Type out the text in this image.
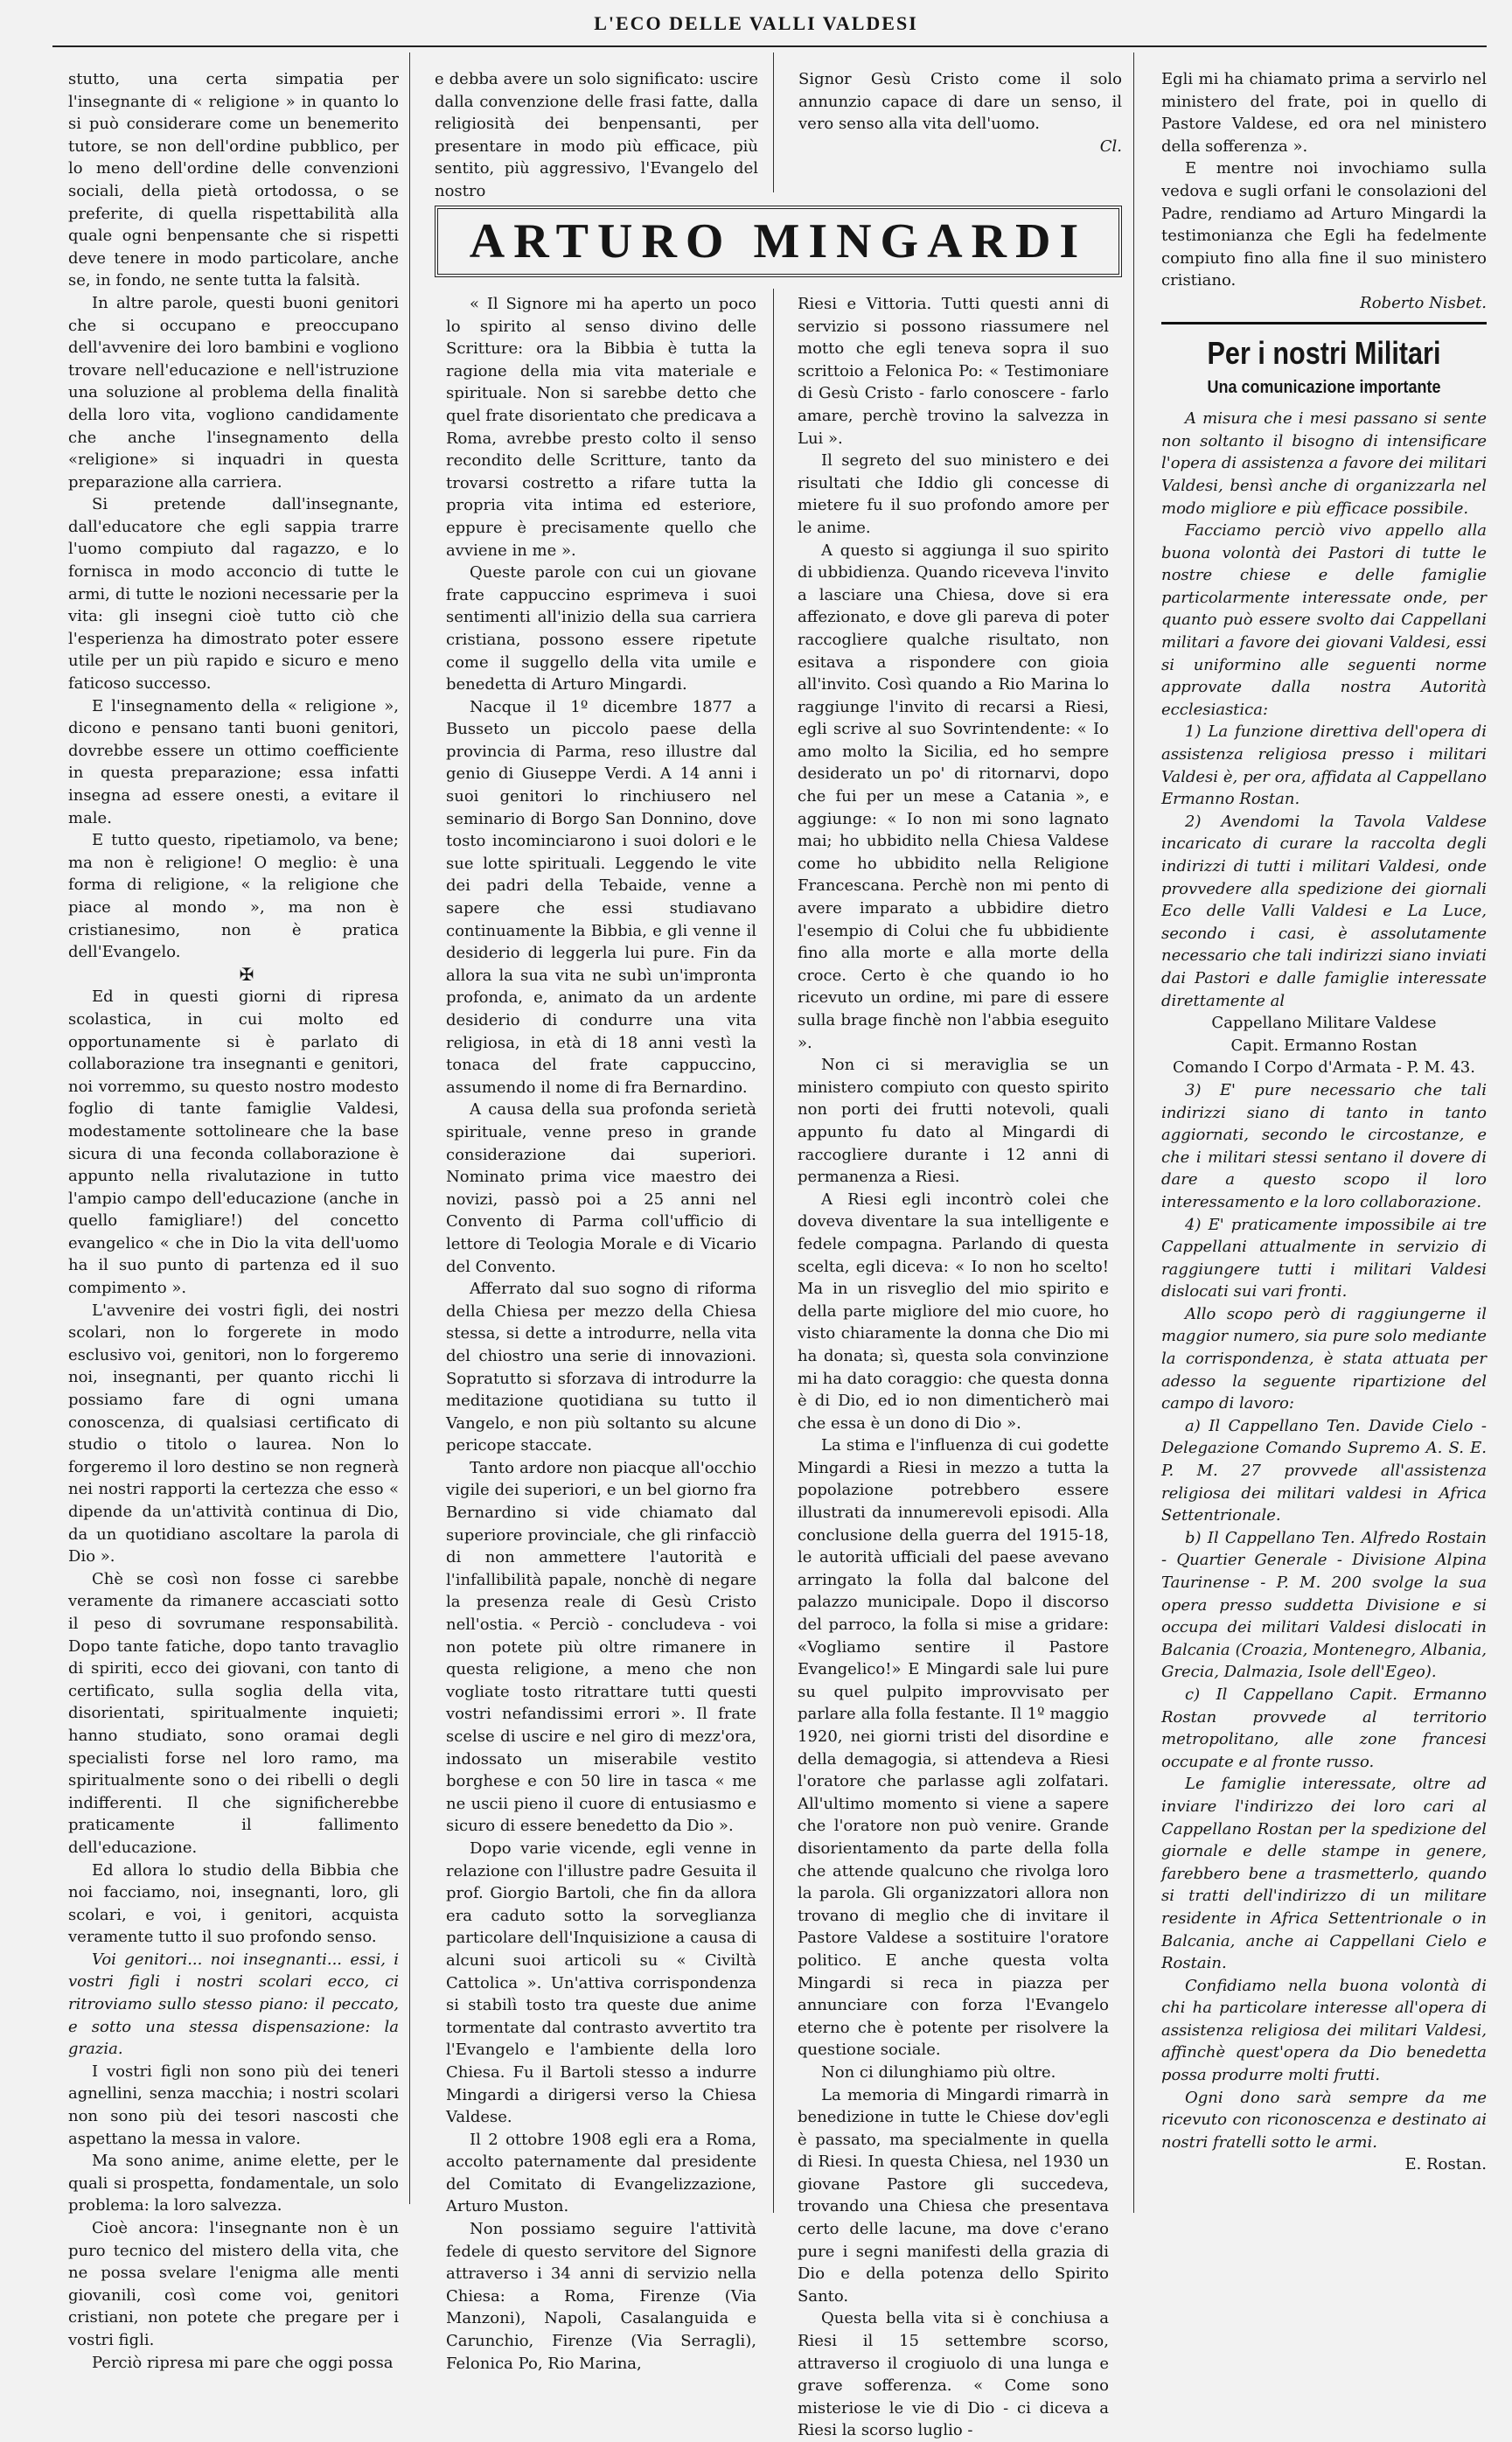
L'ECO DELLE VALLI VALDESI

stutto, una certa simpatia per l'insegnante di « religione » in quanto lo si può considerare come un benemerito tutore, se non dell'ordine pubblico, per lo meno dell'ordine delle convenzioni sociali, della pietà ortodossa, o se preferite, di quella rispettabilità alla quale ogni benpensante che si rispetti deve tenere in modo particolare, anche se, in fondo, ne sente tutta la falsità.

In altre parole, questi buoni genitori che si occupano e preoccupano dell'avvenire dei loro bambini e vogliono trovare nell'educazione e nell'istruzione una soluzione al problema della finalità della loro vita, vogliono candidamente che anche l'insegnamento della «religione» si inquadri in questa preparazione alla carriera.

Si pretende dall'insegnante, dall'educatore che egli sappia trarre l'uomo compiuto dal ragazzo, e lo fornisca in modo acconcio di tutte le armi, di tutte le nozioni necessarie per la vita: gli insegni cioè tutto ciò che l'esperienza ha dimostrato poter essere utile per un più rapido e sicuro e meno faticoso successo.

E l'insegnamento della « religione », dicono e pensano tanti buoni genitori, dovrebbe essere un ottimo coefficiente in questa preparazione; essa infatti insegna ad essere onesti, a evitare il male.

E tutto questo, ripetiamolo, va bene; ma non è religione! O meglio: è una forma di religione, « la religione che piace al mondo », ma non è cristianesimo, non è pratica dell'Evangelo.

✠

Ed in questi giorni di ripresa scolastica, in cui molto ed opportunamente si è parlato di collaborazione tra insegnanti e genitori, noi vorremmo, su questo nostro modesto foglio di tante famiglie Valdesi, modestamente sottolineare che la base sicura di una feconda collaborazione è appunto nella rivalutazione in tutto l'ampio campo dell'educazione (anche in quello famigliare!) del concetto evangelico « che in Dio la vita dell'uomo ha il suo punto di partenza ed il suo compimento ».

L'avvenire dei vostri figli, dei nostri scolari, non lo forgerete in modo esclusivo voi, genitori, non lo forgeremo noi, insegnanti, per quanto ricchi li possiamo fare di ogni umana conoscenza, di qualsiasi certificato di studio o titolo o laurea. Non lo forgeremo il loro destino se non regnerà nei nostri rapporti la certezza che esso « dipende da un'attività continua di Dio, da un quotidiano ascoltare la parola di Dio ».

Chè se così non fosse ci sarebbe veramente da rimanere accasciati sotto il peso di sovrumane responsabilità. Dopo tante fatiche, dopo tanto travaglio di spiriti, ecco dei giovani, con tanto di certificato, sulla soglia della vita, disorientati, spiritualmente inquieti; hanno studiato, sono oramai degli specialisti forse nel loro ramo, ma spiritualmente sono o dei ribelli o degli indifferenti. Il che significherebbe praticamente il fallimento dell'educazione.

Ed allora lo studio della Bibbia che noi facciamo, noi, insegnanti, loro, gli scolari, e voi, i genitori, acquista veramente tutto il suo profondo senso.

Voi genitori... noi insegnanti... essi, i vostri figli i nostri scolari ecco, ci ritroviamo sullo stesso piano: il peccato, e sotto una stessa dispensazione: la grazia.

I vostri figli non sono più dei teneri agnellini, senza macchia; i nostri scolari non sono più dei tesori nascosti che aspettano la messa in valore.

Ma sono anime, anime elette, per le quali si prospetta, fondamentale, un solo problema: la loro salvezza.

Cioè ancora: l'insegnante non è un puro tecnico del mistero della vita, che ne possa svelare l'enigma alle menti giovanili, così come voi, genitori cristiani, non potete che pregare per i vostri figli.

Perciò ripresa mi pare che oggi possa

e debba avere un solo significato: uscire dalla convenzione delle frasi fatte, dalla religiosità dei benpensanti, per presentare in modo più efficace, più sentito, più aggressivo, l'Evangelo del nostro

Signor Gesù Cristo come il solo annunzio capace di dare un senso, il vero senso alla vita dell'uomo.

Cl.

ARTURO MINGARDI

« Il Signore mi ha aperto un poco lo spirito al senso divino delle Scritture: ora la Bibbia è tutta la ragione della mia vita materiale e spirituale. Non si sarebbe detto che quel frate disorientato che predicava a Roma, avrebbe presto colto il senso recondito delle Scritture, tanto da trovarsi costretto a rifare tutta la propria vita intima ed esteriore, eppure è precisamente quello che avviene in me ».

Queste parole con cui un giovane frate cappuccino esprimeva i suoi sentimenti all'inizio della sua carriera cristiana, possono essere ripetute come il suggello della vita umile e benedetta di Arturo Mingardi.

Nacque il 1º dicembre 1877 a Busseto un piccolo paese della provincia di Parma, reso illustre dal genio di Giuseppe Verdi. A 14 anni i suoi genitori lo rinchiusero nel seminario di Borgo San Donnino, dove tosto incominciarono i suoi dolori e le sue lotte spirituali. Leggendo le vite dei padri della Tebaide, venne a sapere che essi studiavano continuamente la Bibbia, e gli venne il desiderio di leggerla lui pure. Fin da allora la sua vita ne subì un'impronta profonda, e, animato da un ardente desiderio di condurre una vita religiosa, in età di 18 anni vestì la tonaca del frate cappuccino, assumendo il nome di fra Bernardino.

A causa della sua profonda serietà spirituale, venne preso in grande considerazione dai superiori. Nominato prima vice maestro dei novizi, passò poi a 25 anni nel Convento di Parma coll'ufficio di lettore di Teologia Morale e di Vicario del Convento.

Afferrato dal suo sogno di riforma della Chiesa per mezzo della Chiesa stessa, si dette a introdurre, nella vita del chiostro una serie di innovazioni. Sopratutto si sforzava di introdurre la meditazione quotidiana su tutto il Vangelo, e non più soltanto su alcune pericope staccate.

Tanto ardore non piacque all'occhio vigile dei superiori, e un bel giorno fra Bernardino si vide chiamato dal superiore provinciale, che gli rinfacciò di non ammettere l'autorità e l'infallibilità papale, nonchè di negare la presenza reale di Gesù Cristo nell'ostia. « Perciò - concludeva - voi non potete più oltre rimanere in questa religione, a meno che non vogliate tosto ritrattare tutti questi vostri nefandissimi errori ». Il frate scelse di uscire e nel giro di mezz'ora, indossato un miserabile vestito borghese e con 50 lire in tasca « me ne uscii pieno il cuore di entusiasmo e sicuro di essere benedetto da Dio ».

Dopo varie vicende, egli venne in relazione con l'illustre padre Gesuita il prof. Giorgio Bartoli, che fin da allora era caduto sotto la sorveglianza particolare dell'Inquisizione a causa di alcuni suoi articoli su « Civiltà Cattolica ». Un'attiva corrispondenza si stabilì tosto tra queste due anime tormentate dal contrasto avvertito tra l'Evangelo e l'ambiente della loro Chiesa. Fu il Bartoli stesso a indurre Mingardi a dirigersi verso la Chiesa Valdese.

Il 2 ottobre 1908 egli era a Roma, accolto paternamente dal presidente del Comitato di Evangelizzazione, Arturo Muston.

Non possiamo seguire l'attività fedele di questo servitore del Signore attraverso i 34 anni di servizio nella Chiesa: a Roma, Firenze (Via Manzoni), Napoli, Casalanguida e Carunchio, Firenze (Via Serragli), Felonica Po, Rio Marina,

Riesi e Vittoria. Tutti questi anni di servizio si possono riassumere nel motto che egli teneva sopra il suo scrittoio a Felonica Po: « Testimoniare di Gesù Cristo - farlo conoscere - farlo amare, perchè trovino la salvezza in Lui ».

Il segreto del suo ministero e dei risultati che Iddio gli concesse di mietere fu il suo profondo amore per le anime.

A questo si aggiunga il suo spirito di ubbidienza. Quando riceveva l'invito a lasciare una Chiesa, dove si era affezionato, e dove gli pareva di poter raccogliere qualche risultato, non esitava a rispondere con gioia all'invito. Così quando a Rio Marina lo raggiunge l'invito di recarsi a Riesi, egli scrive al suo Sovrintendente: « Io amo molto la Sicilia, ed ho sempre desiderato un po' di ritornarvi, dopo che fui per un mese a Catania », e aggiunge: « Io non mi sono lagnato mai; ho ubbidito nella Chiesa Valdese come ho ubbidito nella Religione Francescana. Perchè non mi pento di avere imparato a ubbidire dietro l'esempio di Colui che fu ubbidiente fino alla morte e alla morte della croce. Certo è che quando io ho ricevuto un ordine, mi pare di essere sulla brage finchè non l'abbia eseguito ».

Non ci si meraviglia se un ministero compiuto con questo spirito non porti dei frutti notevoli, quali appunto fu dato al Mingardi di raccogliere durante i 12 anni di permanenza a Riesi.

A Riesi egli incontrò colei che doveva diventare la sua intelligente e fedele compagna. Parlando di questa scelta, egli diceva: « Io non ho scelto! Ma in un risveglio del mio spirito e della parte migliore del mio cuore, ho visto chiaramente la donna che Dio mi ha donata; sì, questa sola convinzione mi ha dato coraggio: che questa donna è di Dio, ed io non dimenticherò mai che essa è un dono di Dio ».

La stima e l'influenza di cui godette Mingardi a Riesi in mezzo a tutta la popolazione potrebbero essere illustrati da innumerevoli episodi. Alla conclusione della guerra del 1915-18, le autorità ufficiali del paese avevano arringato la folla dal balcone del palazzo municipale. Dopo il discorso del parroco, la folla si mise a gridare: «Vogliamo sentire il Pastore Evangelico!» E Mingardi sale lui pure su quel pulpito improvvisato per parlare alla folla festante. Il 1º maggio 1920, nei giorni tristi del disordine e della demagogia, si attendeva a Riesi l'oratore che parlasse agli zolfatari. All'ultimo momento si viene a sapere che l'oratore non può venire. Grande disorientamento da parte della folla che attende qualcuno che rivolga loro la parola. Gli organizzatori allora non trovano di meglio che di invitare il Pastore Valdese a sostituire l'oratore politico. E anche questa volta Mingardi si reca in piazza per annunciare con forza l'Evangelo eterno che è potente per risolvere la questione sociale.

Non ci dilunghiamo più oltre.

La memoria di Mingardi rimarrà in benedizione in tutte le Chiese dov'egli è passato, ma specialmente in quella di Riesi. In questa Chiesa, nel 1930 un giovane Pastore gli succedeva, trovando una Chiesa che presentava certo delle lacune, ma dove c'erano pure i segni manifesti della grazia di Dio e della potenza dello Spirito Santo.

Questa bella vita si è conchiusa a Riesi il 15 settembre scorso, attraverso il crogiuolo di una lunga e grave sofferenza. « Come sono misteriose le vie di Dio - ci diceva a Riesi la scorso luglio -

Egli mi ha chiamato prima a servirlo nel ministero del frate, poi in quello di Pastore Valdese, ed ora nel ministero della sofferenza ».

E mentre noi invochiamo sulla vedova e sugli orfani le consolazioni del Padre, rendiamo ad Arturo Mingardi la testimonianza che Egli ha fedelmente compiuto fino alla fine il suo ministero cristiano.

Roberto Nisbet.

Per i nostri Militari
Una comunicazione importante

A misura che i mesi passano si sente non soltanto il bisogno di intensificare l'opera di assistenza a favore dei militari Valdesi, bensì anche di organizzarla nel modo migliore e più efficace possibile.

Facciamo perciò vivo appello alla buona volontà dei Pastori di tutte le nostre chiese e delle famiglie particolarmente interessate onde, per quanto può essere svolto dai Cappellani militari a favore dei giovani Valdesi, essi si uniformino alle seguenti norme approvate dalla nostra Autorità ecclesiastica:

1) La funzione direttiva dell'opera di assistenza religiosa presso i militari Valdesi è, per ora, affidata al Cappellano Ermanno Rostan.

2) Avendomi la Tavola Valdese incaricato di curare la raccolta degli indirizzi di tutti i militari Valdesi, onde provvedere alla spedizione dei giornali Eco delle Valli Valdesi e La Luce, secondo i casi, è assolutamente necessario che tali indirizzi siano inviati dai Pastori e dalle famiglie interessate direttamente al

Cappellano Militare Valdese

Capit. Ermanno Rostan

Comando I Corpo d'Armata - P. M. 43.

3) E' pure necessario che tali indirizzi siano di tanto in tanto aggiornati, secondo le circostanze, e che i militari stessi sentano il dovere di dare a questo scopo il loro interessamento e la loro collaborazione.

4) E' praticamente impossibile ai tre Cappellani attualmente in servizio di raggiungere tutti i militari Valdesi dislocati sui vari fronti.

Allo scopo però di raggiungerne il maggior numero, sia pure solo mediante la corrispondenza, è stata attuata per adesso la seguente ripartizione del campo di lavoro:

a) Il Cappellano Ten. Davide Cielo - Delegazione Comando Supremo A. S. E. P. M. 27 provvede all'assistenza religiosa dei militari valdesi in Africa Settentrionale.

b) Il Cappellano Ten. Alfredo Rostain - Quartier Generale - Divisione Alpina Taurinense - P. M. 200 svolge la sua opera presso suddetta Divisione e si occupa dei militari Valdesi dislocati in Balcania (Croazia, Montenegro, Albania, Grecia, Dalmazia, Isole dell'Egeo).

c) Il Cappellano Capit. Ermanno Rostan provvede al territorio metropolitano, alle zone francesi occupate e al fronte russo.

Le famiglie interessate, oltre ad inviare l'indirizzo dei loro cari al Cappellano Rostan per la spedizione del giornale e delle stampe in genere, farebbero bene a trasmetterlo, quando si tratti dell'indirizzo di un militare residente in Africa Settentrionale o in Balcania, anche ai Cappellani Cielo e Rostain.

Confidiamo nella buona volontà di chi ha particolare interesse all'opera di assistenza religiosa dei militari Valdesi, affinchè quest'opera da Dio benedetta possa produrre molti frutti.

Ogni dono sarà sempre da me ricevuto con riconoscenza e destinato ai nostri fratelli sotto le armi.

E. Rostan.
